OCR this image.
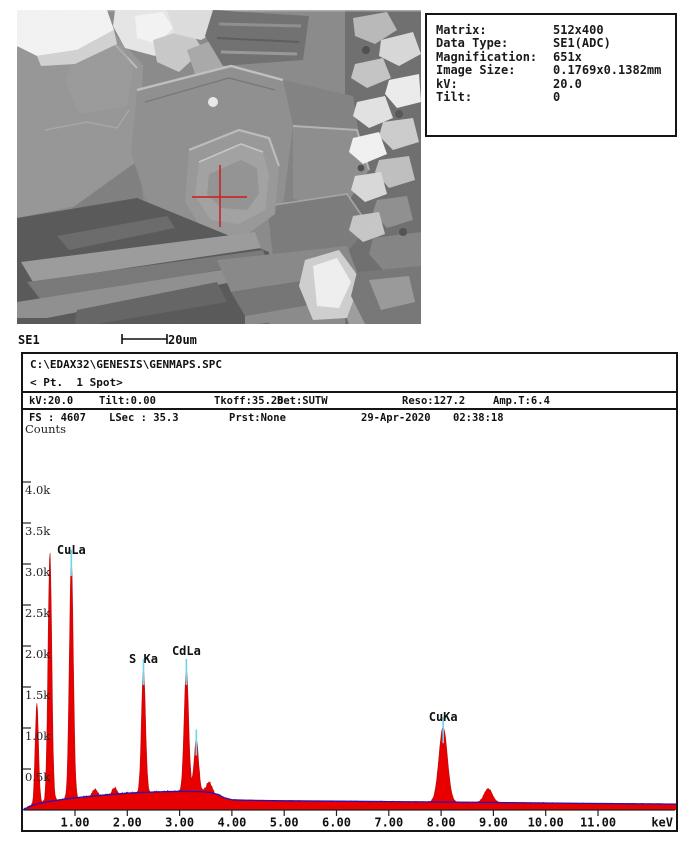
SE1	20um
Matrix:	512x400
Data Type:	SE1(ADC)
Magnification:	651x
Image Size:	0.1769x0.1382mm
kV:	20.0
Tilt:	0
C:\EDAX32\GENESIS\GENMAPS.SPC
< Pt.  1 Spot>

kV:20.0

Tilt:0.00

	Tkoff:35.28

Det:SUTW

	Reso:127.2

	Amp.T:6.4

FS : 4607

LSec : 35.3

	Prst:None

	29-Apr-2020

02:38:18

1.00 2.00 3.00 4.00 5.00 6.00 7.00 8.00 9.00 10.00 11.00	keV
0.5k
1.0k
1.5k
2.0k
2.5k
3.0k
3.5k
4.0k
Counts
CuLa
S Ka
CdLa
CuKa
